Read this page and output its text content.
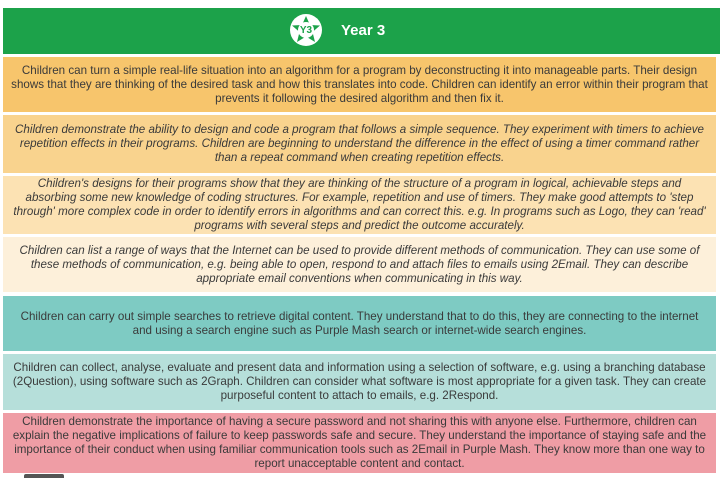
Y3	Year 3
Children can turn a simple real-life situation into an algorithm for a program by deconstructing it into manageable parts. Their design shows that they are thinking of the desired task and how this translates into code. Children can identify an error within their program that prevents it following the desired algorithm and then fix it.
Children demonstrate the ability to design and code a program that follows a simple sequence. They experiment with timers to achieve repetition effects in their programs. Children are beginning to understand the difference in the effect of using a timer command rather than a repeat command when creating repetition effects.
Children's designs for their programs show that they are thinking of the structure of a program in logical, achievable steps and absorbing some new knowledge of coding structures. For example, repetition and use of timers. They make good attempts to 'step through' more complex code in order to identify errors in algorithms and can correct this. e.g. In programs such as Logo, they can 'read' programs with several steps and predict the outcome accurately.
Children can list a range of ways that the Internet can be used to provide different methods of communication. They can use some of these methods of communication, e.g. being able to open, respond to and attach files to emails using 2Email. They can describe appropriate email conventions when communicating in this way.
Children can carry out simple searches to retrieve digital content. They understand that to do this, they are connecting to the internet and using a search engine such as Purple Mash search or internet-wide search engines.
Children can collect, analyse, evaluate and present data and information using a selection of software, e.g. using a branching database (2Question), using software such as 2Graph. Children can consider what software is most appropriate for a given task. They can create purposeful content to attach to emails, e.g. 2Respond.
Children demonstrate the importance of having a secure password and not sharing this with anyone else. Furthermore, children can explain the negative implications of failure to keep passwords safe and secure. They understand the importance of staying safe and the importance of their conduct when using familiar communication tools such as 2Email in Purple Mash. They know more than one way to report unacceptable content and contact.
